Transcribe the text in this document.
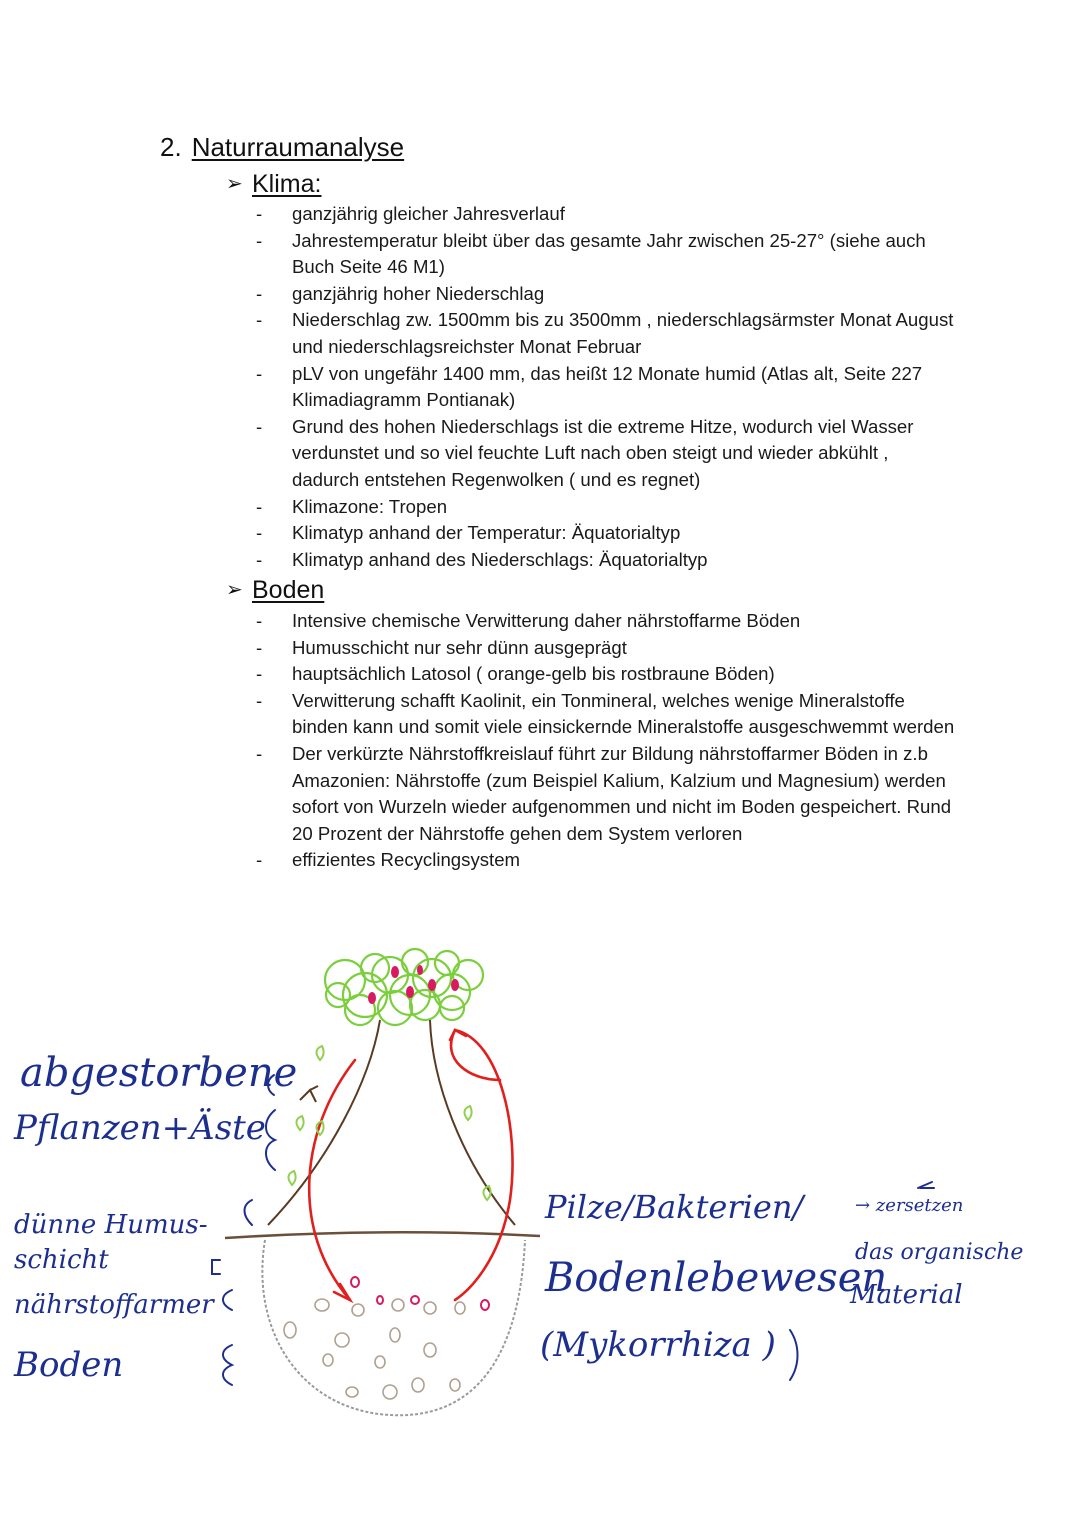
2. Naturraumanalyse
➢ Klima:
-	ganzjährig gleicher Jahresverlauf
-	Jahrestemperatur bleibt über das gesamte Jahr zwischen 25-27° (siehe auch Buch Seite 46 M1)
-	ganzjährig hoher Niederschlag
-	Niederschlag zw. 1500mm bis zu 3500mm , niederschlagsärmster Monat August und niederschlagsreichster Monat Februar
-	pLV von ungefähr 1400 mm, das heißt 12 Monate humid (Atlas alt, Seite 227 Klimadiagramm Pontianak)
-	Grund des hohen Niederschlags ist die extreme Hitze, wodurch viel Wasser verdunstet und so viel feuchte Luft nach oben steigt und wieder abkühlt , dadurch entstehen Regenwolken ( und es regnet)
-	Klimazone: Tropen
-	Klimatyp anhand der Temperatur: Äquatorialtyp
-	Klimatyp anhand des Niederschlags: Äquatorialtyp
➢ Boden
-	Intensive chemische Verwitterung daher nährstoffarme Böden
-	Humusschicht nur sehr dünn ausgeprägt
-	hauptsächlich Latosol ( orange-gelb bis rostbraune Böden)
-	Verwitterung schafft Kaolinit, ein Tonmineral, welches wenige Mineralstoffe binden kann und somit viele einsickernde Mineralstoffe ausgeschwemmt werden
-	Der verkürzte Nährstoffkreislauf führt zur Bildung nährstoffarmer Böden in z.b Amazonien: Nährstoffe (zum Beispiel Kalium, Kalzium und Magnesium) werden sofort von Wurzeln wieder aufgenommen und nicht im Boden gespeichert. Rund 20 Prozent der Nährstoffe gehen dem System verloren
-	effizientes Recyclingsystem
abgestorbene
Pflanzen+Äste
dünne Humus-
schicht
nährstoffarmer
Boden
Pilze/Bakterien/	→ zersetzen
das organische
Material
Bodenlebewesen
(Mykorrhiza )
